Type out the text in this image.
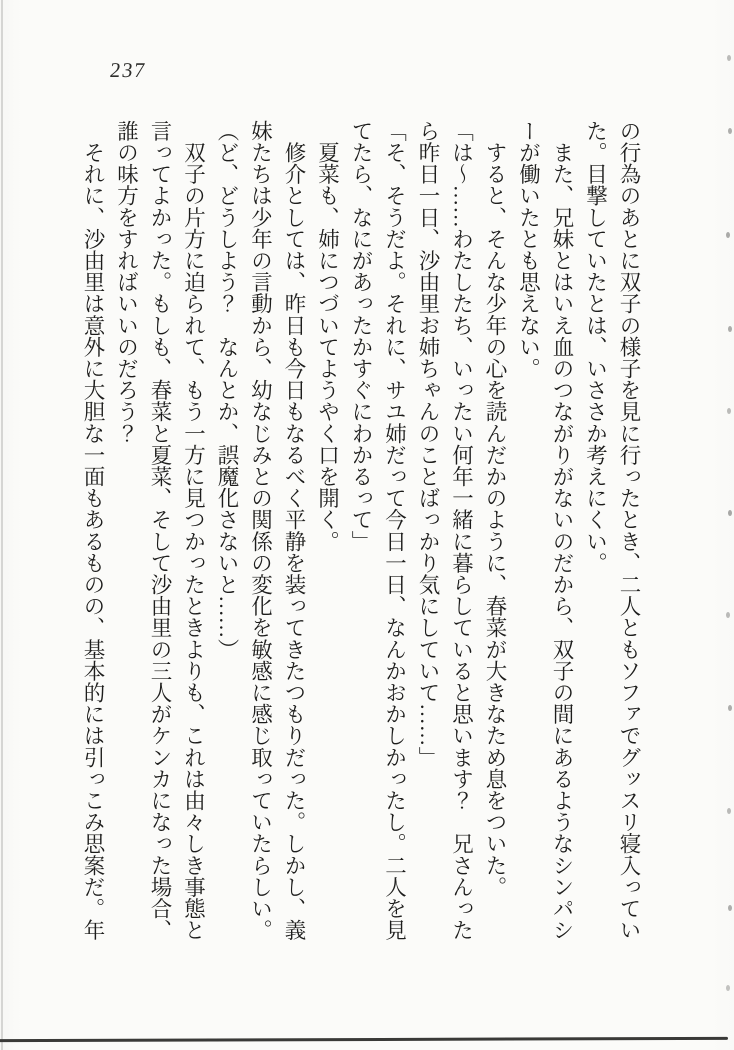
237
の行為のあとに双子の様子を見に行ったとき、二人ともソファでグッスリ寝入ってい
た。目撃していたとは、いささか考えにくい。
　また、兄妹とはいえ血のつながりがないのだから、双子の間にあるようなシンパシ
ーが働いたとも思えない。
　すると、そんな少年の心を読んだかのように、春菜が大きなため息をついた。
「は〜……わたしたち、いったい何年一緒に暮らしていると思います？　兄さんった
ら昨日一日、沙由里お姉ちゃんのことばっかり気にしていて……」
「そ、そうだよ。それに、サユ姉だって今日一日、なんかおかしかったし。二人を見
てたら、なにがあったかすぐにわかるって」
　夏菜も、姉につづいてようやく口を開く。
　修介としては、昨日も今日もなるべく平静を装ってきたつもりだった。しかし、義
妹たちは少年の言動から、幼なじみとの関係の変化を敏感に感じ取っていたらしい。
（ど、どうしよう？　なんとか、誤魔化さないと……）
　双子の片方に迫られて、もう一方に見つかったときよりも、これは由々しき事態と
言ってよかった。もしも、春菜と夏菜、そして沙由里の三人がケンカになった場合、
誰の味方をすればいいのだろう？
　それに、沙由里は意外に大胆な一面もあるものの、基本的には引っこみ思案だ。年
